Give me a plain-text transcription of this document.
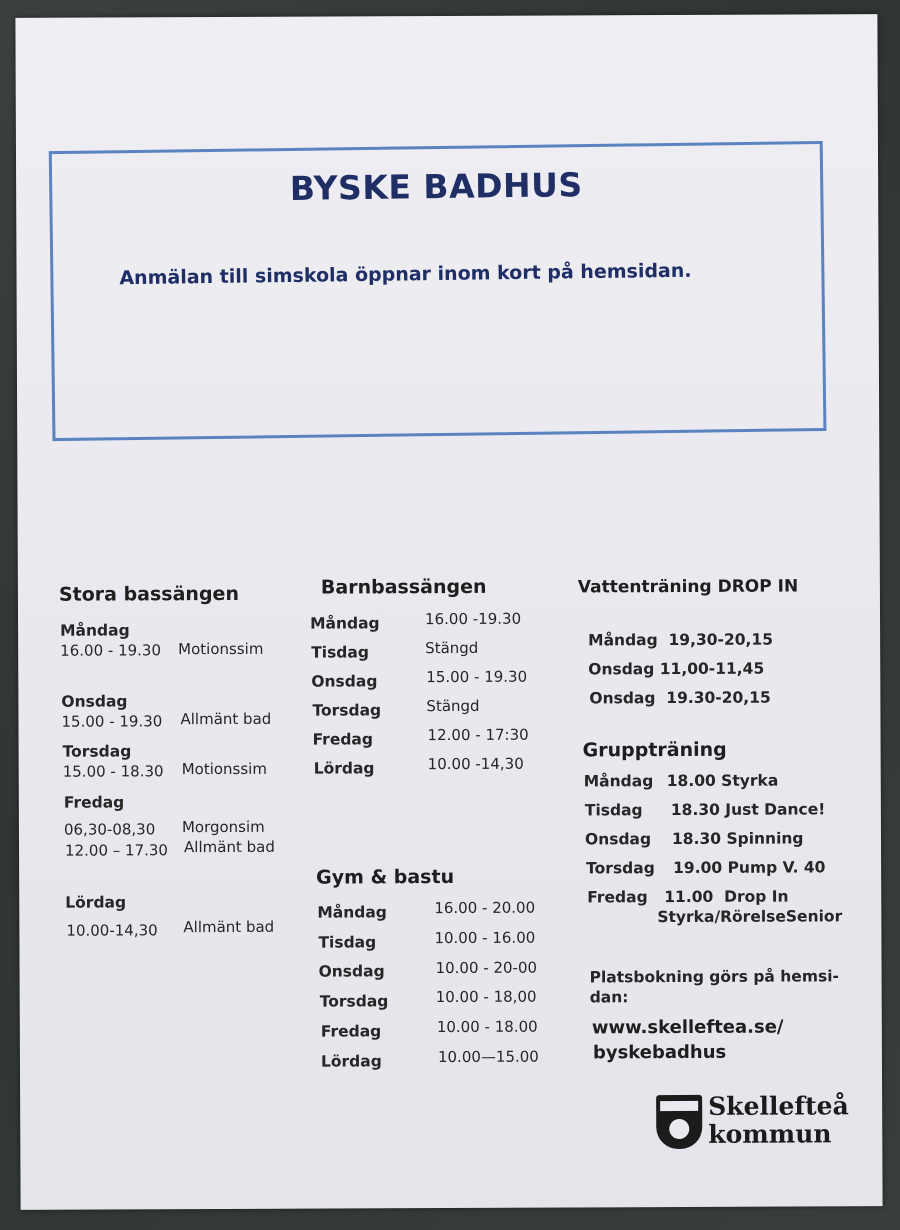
BYSKE BADHUS
Anmälan till simskola öppnar inom kort på hemsidan.
Stora bassängen
Måndag
16.00 - 19.30 Motionssim
Onsdag
15.00 - 19.30 Allmänt bad
Torsdag
15.00 - 18.30 Motionssim
Fredag
06,30-08,30 Morgonsim
12.00 – 17.30 Allmänt bad
Lördag
10.00-14,30 Allmänt bad
Barnbassängen
Måndag	16.00 -19.30
Tisdag	Stängd
Onsdag	15.00 - 19.30
Torsdag	Stängd
Fredag	12.00 - 17:30
Lördag	10.00 -14,30
Gym & bastu
Måndag	16.00 - 20.00
Tisdag	10.00 - 16.00
Onsdag	10.00 - 20-00
Torsdag	10.00 - 18,00
Fredag	10.00 - 18.00
Lördag	10.00—15.00
Vattenträning DROP IN
Måndag  19,30-20,15
Onsdag 11,00-11,45
Onsdag  19.30-20,15
Gruppträning
Måndag 18.00 Styrka
Tisdag 18.30 Just Dance!
Onsdag 18.30 Spinning
Torsdag 19.00 Pump V. 40
Fredag 11.00  Drop In
Styrka/RörelseSenior
Platsbokning görs på hemsi-
dan:
www.skelleftea.se/
byskebadhus
Skellefteå
kommun
